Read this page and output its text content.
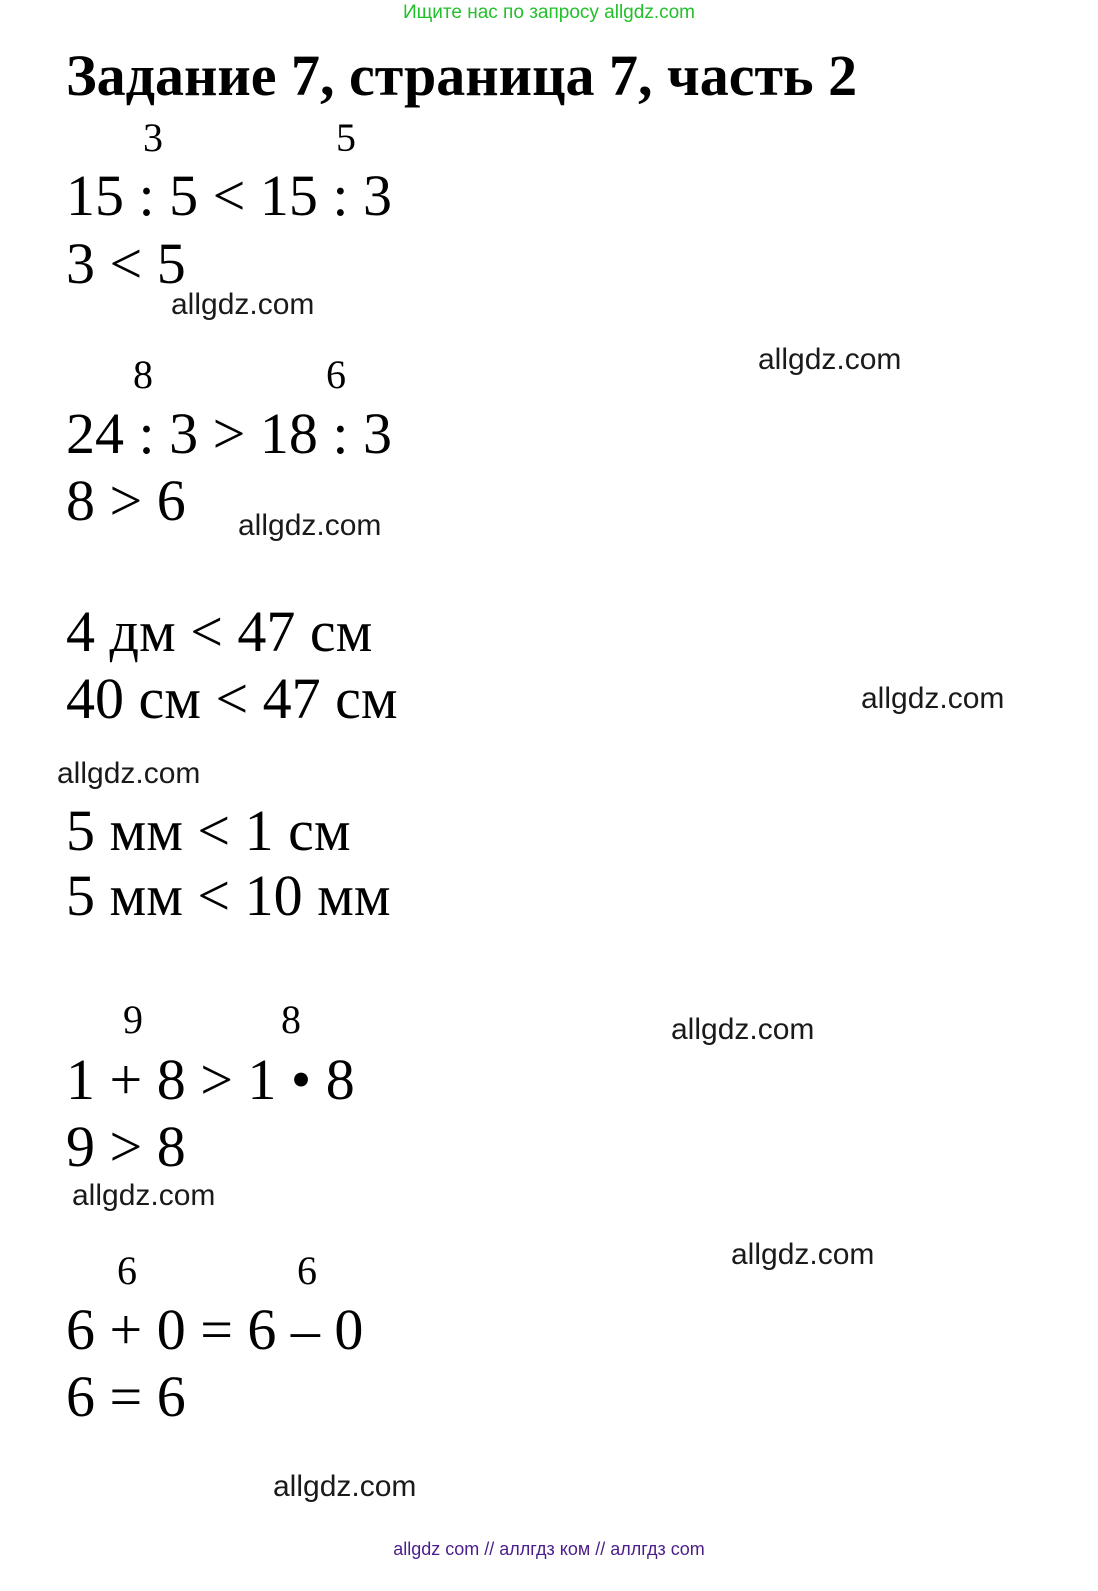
Ищите нас по запросу allgdz.com
Задание 7, страница 7, часть 2
3	5
15 : 5 < 15 : 3
3 < 5
allgdz.com
allgdz.com
8	6
24 : 3 > 18 : 3
8 > 6 allgdz.com
4 дм < 47 см
40 см < 47 см	allgdz.com
allgdz.com
5 мм < 1 см
5 мм < 10 мм
9	8	allgdz.com
1 + 8 > 1 • 8
9 > 8
allgdz.com
allgdz.com
6	6
6 + 0 = 6 – 0
6 = 6
allgdz.com
allgdz com // аллгдз ком // аллгдз com
